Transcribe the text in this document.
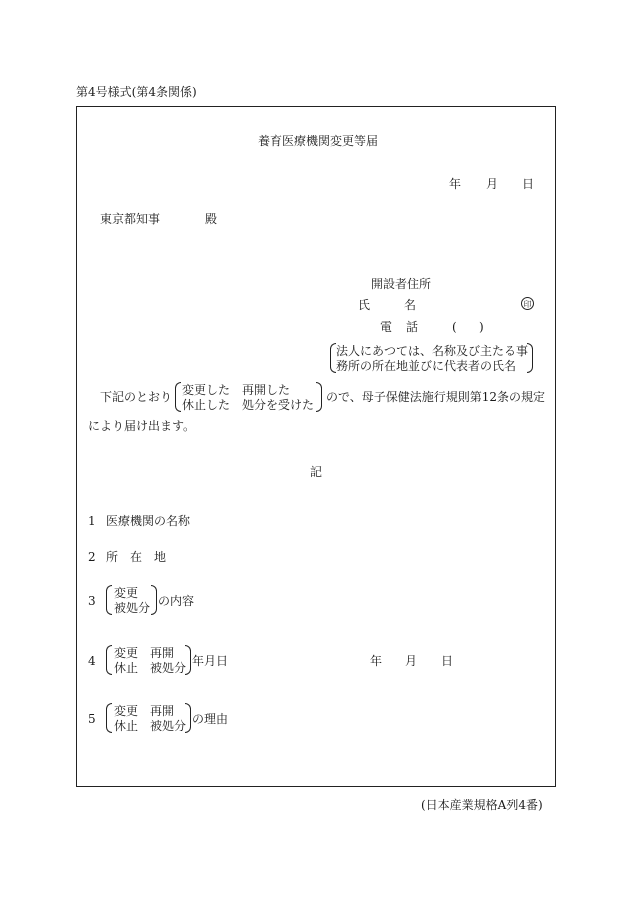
第4号様式(第4条関係)
養育医療機関変更等届
年 月 日
東京都知事	殿
開設者住所
氏	名	印
電 話	( )
法人にあつては、名称及び主たる事
務所の所在地並びに代表者の氏名
下記のとおり 変更した　再開した
休止した　処分を受けた
ので、母子保健法施行規則第12条の規定
により届け出ます。
記
1 医療機関の名称
2 所　在　地
3
変更
被処分 の内容
4
変更　再開
休止　被処分 年月日	年 月 日
5
変更　再開
休止　被処分 の理由
(日本産業規格A列4番)
